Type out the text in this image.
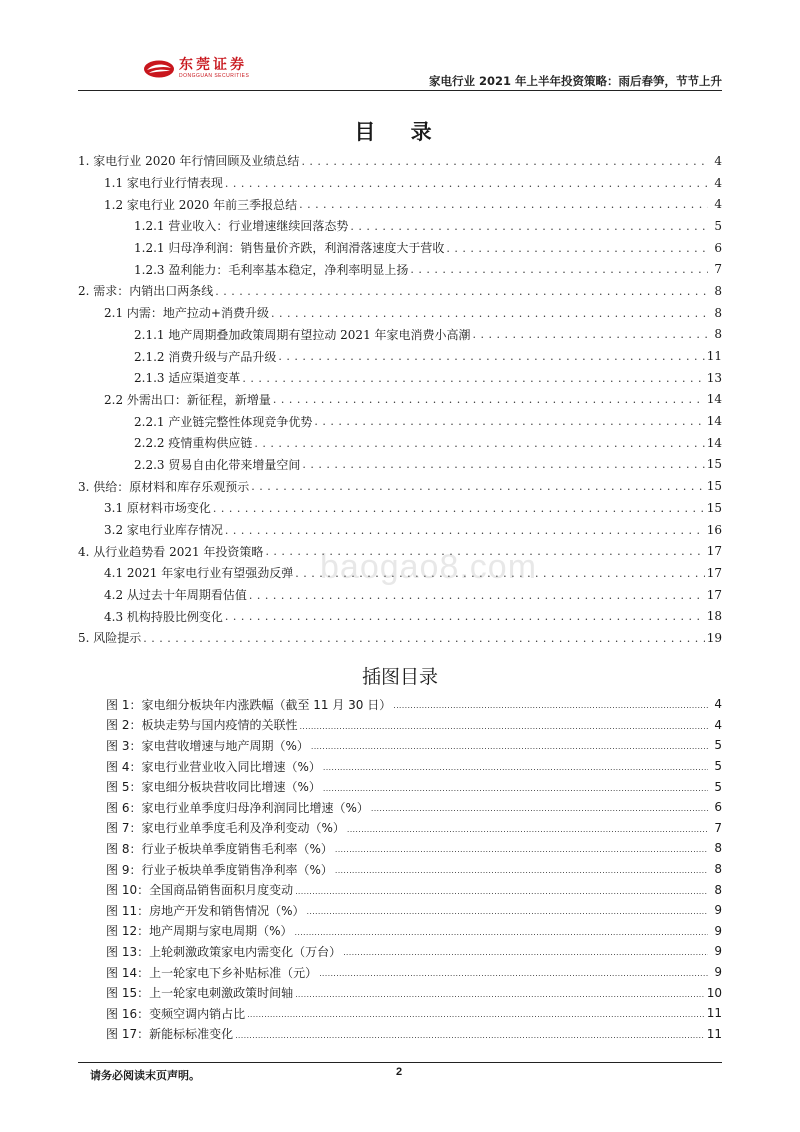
东莞证券
DONGGUAN SECURITIES	家电行业 2021 年上半年投资策略：雨后春笋，节节上升
目 录
1. 家电行业 2020 年行情回顾及业绩总结 . . .	4
1.1 家电行业行情表现 . . .	4
1.2 家电行业 2020 年前三季报总结 . . .	4
1.2.1 营业收入：行业增速继续回落态势 . . .	5
1.2.1 归母净利润：销售量价齐跌，利润滑落速度大于营收 . . .	6
1.2.3 盈利能力：毛利率基本稳定，净利率明显上扬 . . .	7
2. 需求：内销出口两条线 . . .	8
2.1 内需：地产拉动+消费升级 . . .	8
2.1.1 地产周期叠加政策周期有望拉动 2021 年家电消费小高潮 . . .	8
2.1.2 消费升级与产品升级 . . .	11
2.1.3 适应渠道变革 . . .	13
2.2 外需出口：新征程，新增量 . . .	14
2.2.1 产业链完整性体现竞争优势 . . .	14
2.2.2 疫情重构供应链 . . .	14
2.2.3 贸易自由化带来增量空间 . . .	15
3. 供给：原材料和库存乐观预示 . . .	15
3.1 原材料市场变化 . . .	15
3.2 家电行业库存情况 . . .	16
4. 从行业趋势看 2021 年投资策略 . . .	17
4.1 2021 年家电行业有望强劲反弹 . . .	17
4.2 从过去十年周期看估值 . . .	17
4.3 机构持股比例变化 . . .	18
5. 风险提示 . . .	19
baogao8.com
插图目录
图 1：家电细分板块年内涨跌幅（截至 11 月 30 日） .....	4
图 2：板块走势与国内疫情的关联性 .....	4
图 3：家电营收增速与地产周期（%） .....	5
图 4：家电行业营业收入同比增速（%） .....	5
图 5：家电细分板块营收同比增速（%） .....	5
图 6：家电行业单季度归母净利润同比增速（%） .....	6
图 7：家电行业单季度毛利及净利变动（%） .....	7
图 8：行业子板块单季度销售毛利率（%） .....	8
图 9：行业子板块单季度销售净利率（%） .....	8
图 10：全国商品销售面积月度变动 .....	8
图 11：房地产开发和销售情况（%） .....	9
图 12：地产周期与家电周期（%） .....	9
图 13：上轮刺激政策家电内需变化（万台） .....	9
图 14：上一轮家电下乡补贴标准（元） .....	9
图 15：上一轮家电刺激政策时间轴 .....	10
图 16：变频空调内销占比 .....	11
图 17：新能标标准变化 .....	11
请务必阅读末页声明。	2
